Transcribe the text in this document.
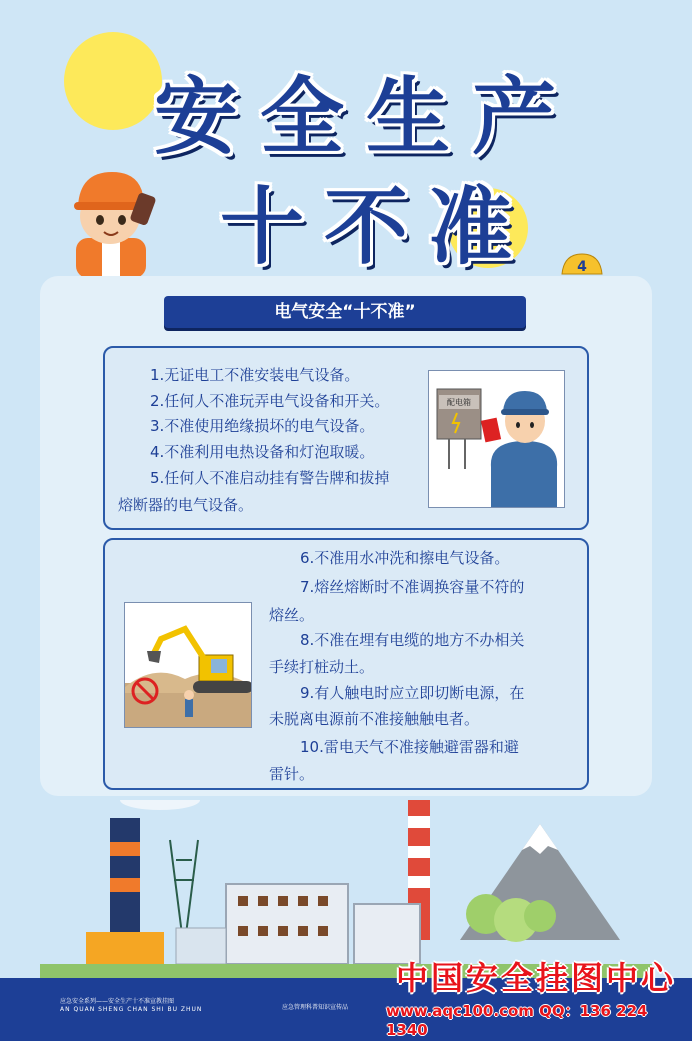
安全生产
十不准	4
电气安全“十不准”
1.无证电工不准安装电气设备。
2.任何人不准玩弄电气设备和开关。
3.不准使用绝缘损坏的电气设备。
4.不准利用电热设备和灯泡取暖。
5.任何人不准启动挂有警告牌和拔掉
熔断器的电气设备。
配电箱
6.不准用水冲洗和擦电气设备。
7.熔丝熔断时不准调换容量不符的
熔丝。
8.不准在埋有电缆的地方不办相关
手续打桩动土。
9.有人触电时应立即切断电源，在
未脱离电源前不准接触触电者。
10.雷电天气不准接触避雷器和避
雷针。
应急安全系列——安全生产十不准宣教挂图
AN QUAN SHENG CHAN SHI BU ZHUN	应急管理科普知识宣传品
中国安全挂图中心
www.aqc100.com QQ：136 224 1340
